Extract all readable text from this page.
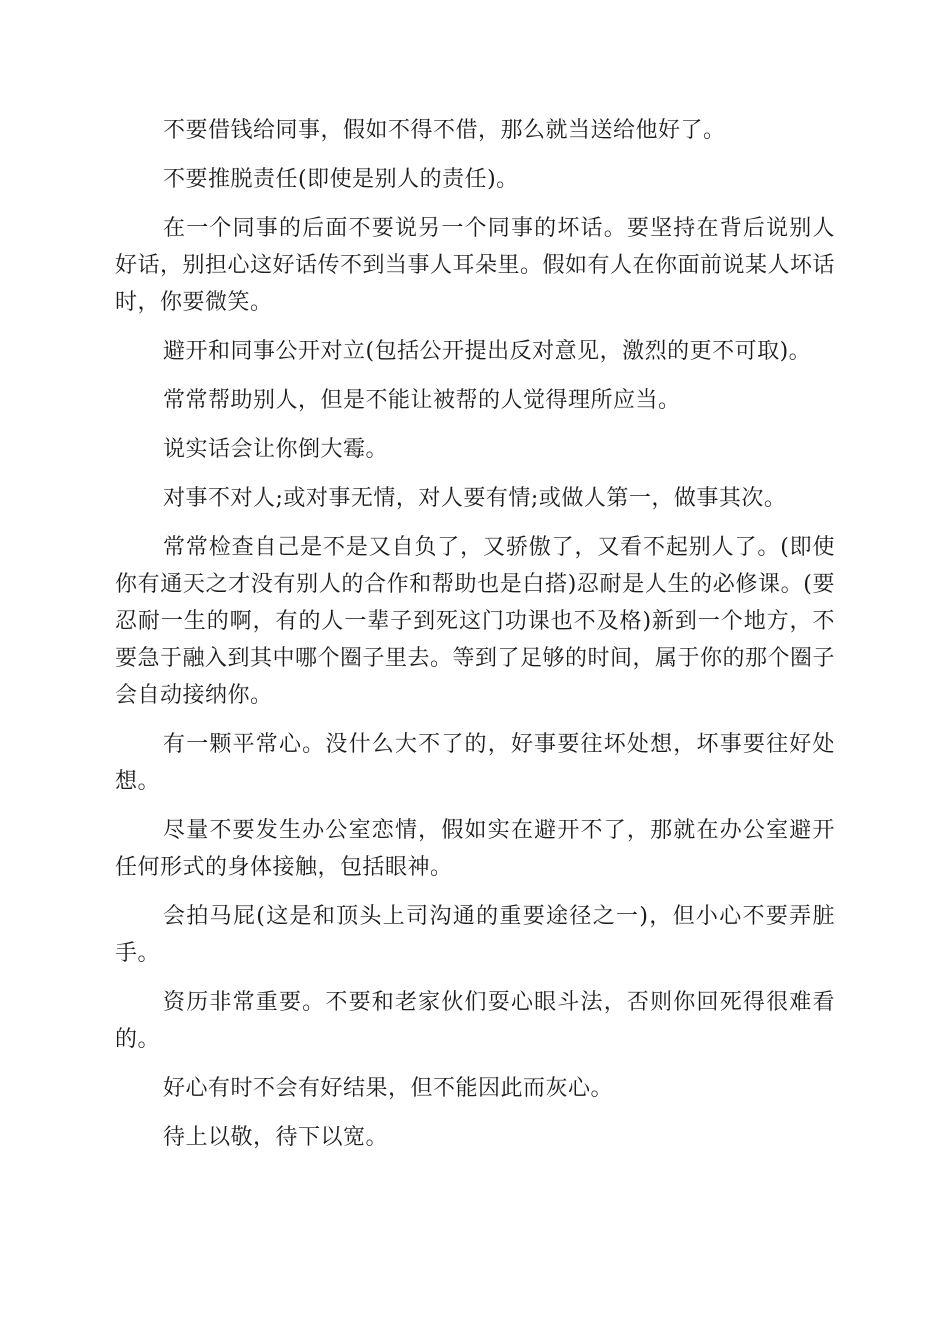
不要借钱给同事，假如不得不借，那么就当送给他好了。

不要推脱责任(即使是别人的责任)。

在一个同事的后面不要说另一个同事的坏话。要坚持在背后说别人好话，别担心这好话传不到当事人耳朵里。假如有人在你面前说某人坏话时，你要微笑。

避开和同事公开对立(包括公开提出反对意见，激烈的更不可取)。

常常帮助别人，但是不能让被帮的人觉得理所应当。

说实话会让你倒大霉。

对事不对人;或对事无情，对人要有情;或做人第一，做事其次。

常常检查自己是不是又自负了，又骄傲了，又看不起别人了。(即使你有通天之才没有别人的合作和帮助也是白搭)忍耐是人生的必修课。(要忍耐一生的啊，有的人一辈子到死这门功课也不及格)新到一个地方，不要急于融入到其中哪个圈子里去。等到了足够的时间，属于你的那个圈子会自动接纳你。

有一颗平常心。没什么大不了的，好事要往坏处想，坏事要往好处想。

尽量不要发生办公室恋情，假如实在避开不了，那就在办公室避开任何形式的身体接触，包括眼神。

会拍马屁(这是和顶头上司沟通的重要途径之一)，但小心不要弄脏手。

资历非常重要。不要和老家伙们耍心眼斗法，否则你回死得很难看的。

好心有时不会有好结果，但不能因此而灰心。

待上以敬，待下以宽。
